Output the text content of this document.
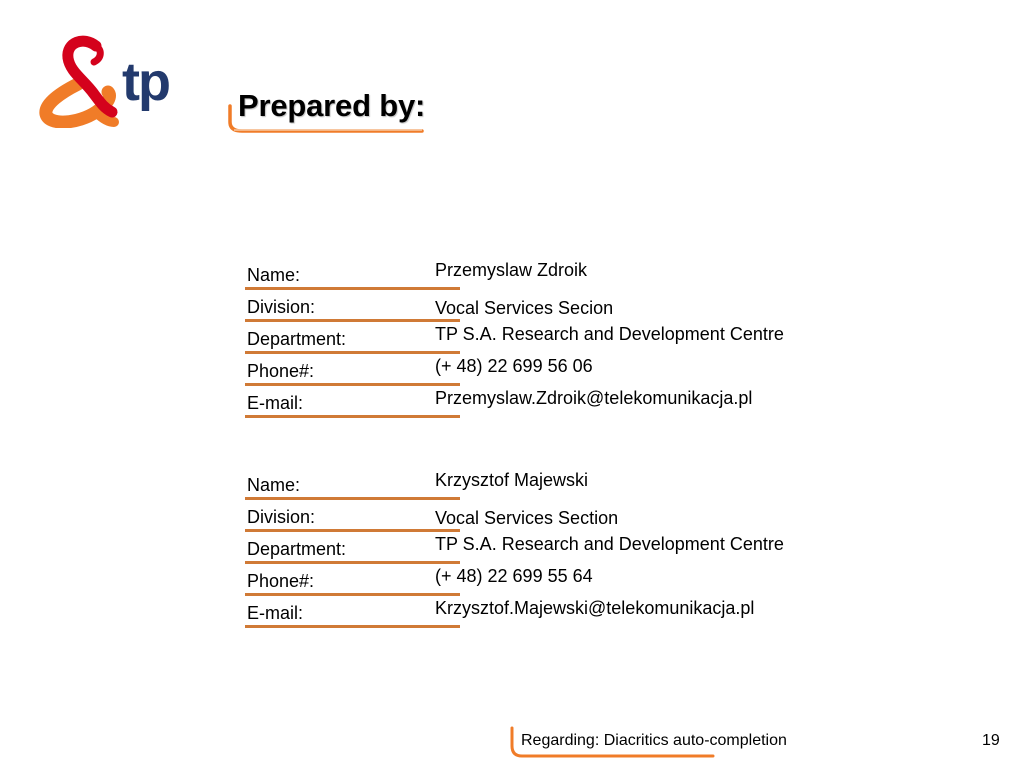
tp Prepared by:
Name:	Przemyslaw Zdroik
Division:	Vocal Services Secion
Department:	TP S.A. Research and Development Centre
Phone#:	(+ 48) 22 699 56 06
E-mail:	Przemyslaw.Zdroik@telekomunikacja.pl
Name:	Krzysztof Majewski
Division:	Vocal Services Section
Department:	TP S.A. Research and Development Centre
Phone#:	(+ 48) 22 699 55 64
E-mail:	Krzysztof.Majewski@telekomunikacja.pl
Regarding: Diacritics auto-completion	19
